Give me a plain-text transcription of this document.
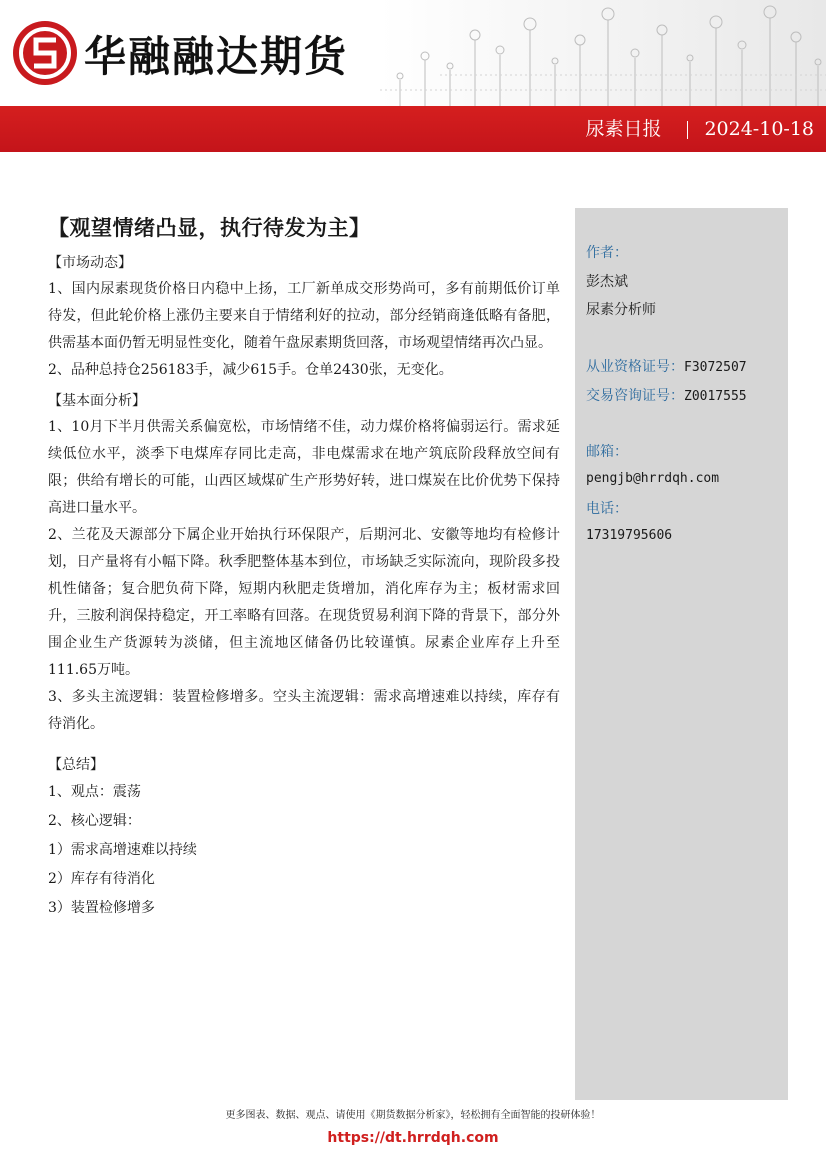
华融融达期货
尿素日报 2024-10-18
【观望情绪凸显，执行待发为主】
【市场动态】

1、国内尿素现货价格日内稳中上扬，工厂新单成交形势尚可，多有前期低价订单待发，但此轮价格上涨仍主要来自于情绪利好的拉动，部分经销商逢低略有备肥，供需基本面仍暂无明显性变化，随着午盘尿素期货回落，市场观望情绪再次凸显。

2、品种总持仓256183手，减少615手。仓单2430张，无变化。

【基本面分析】

1、10月下半月供需关系偏宽松，市场情绪不佳，动力煤价格将偏弱运行。需求延续低位水平，淡季下电煤库存同比走高，非电煤需求在地产筑底阶段释放空间有限；供给有增长的可能，山西区域煤矿生产形势好转，进口煤炭在比价优势下保持高进口量水平。

2、兰花及天源部分下属企业开始执行环保限产，后期河北、安徽等地均有检修计划，日产量将有小幅下降。秋季肥整体基本到位，市场缺乏实际流向，现阶段多投机性储备；复合肥负荷下降，短期内秋肥走货增加，消化库存为主；板材需求回升，三胺利润保持稳定，开工率略有回落。在现货贸易利润下降的背景下，部分外围企业生产货源转为淡储，但主流地区储备仍比较谨慎。尿素企业库存上升至111.65万吨。

3、多头主流逻辑：装置检修增多。空头主流逻辑：需求高增速难以持续，库存有待消化。

【总结】

1、观点：震荡

2、核心逻辑：

1）需求高增速难以持续

2）库存有待消化

3）装置检修增多

作者：
彭杰斌
尿素分析师
从业资格证号：F3072507
交易咨询证号：Z0017555
邮箱：
pengjb@hrrdqh.com
电话：
17319795606
更多图表、数据、观点、请使用《期货数据分析家》，轻松拥有全面智能的投研体验！
https://dt.hrrdqh.com
